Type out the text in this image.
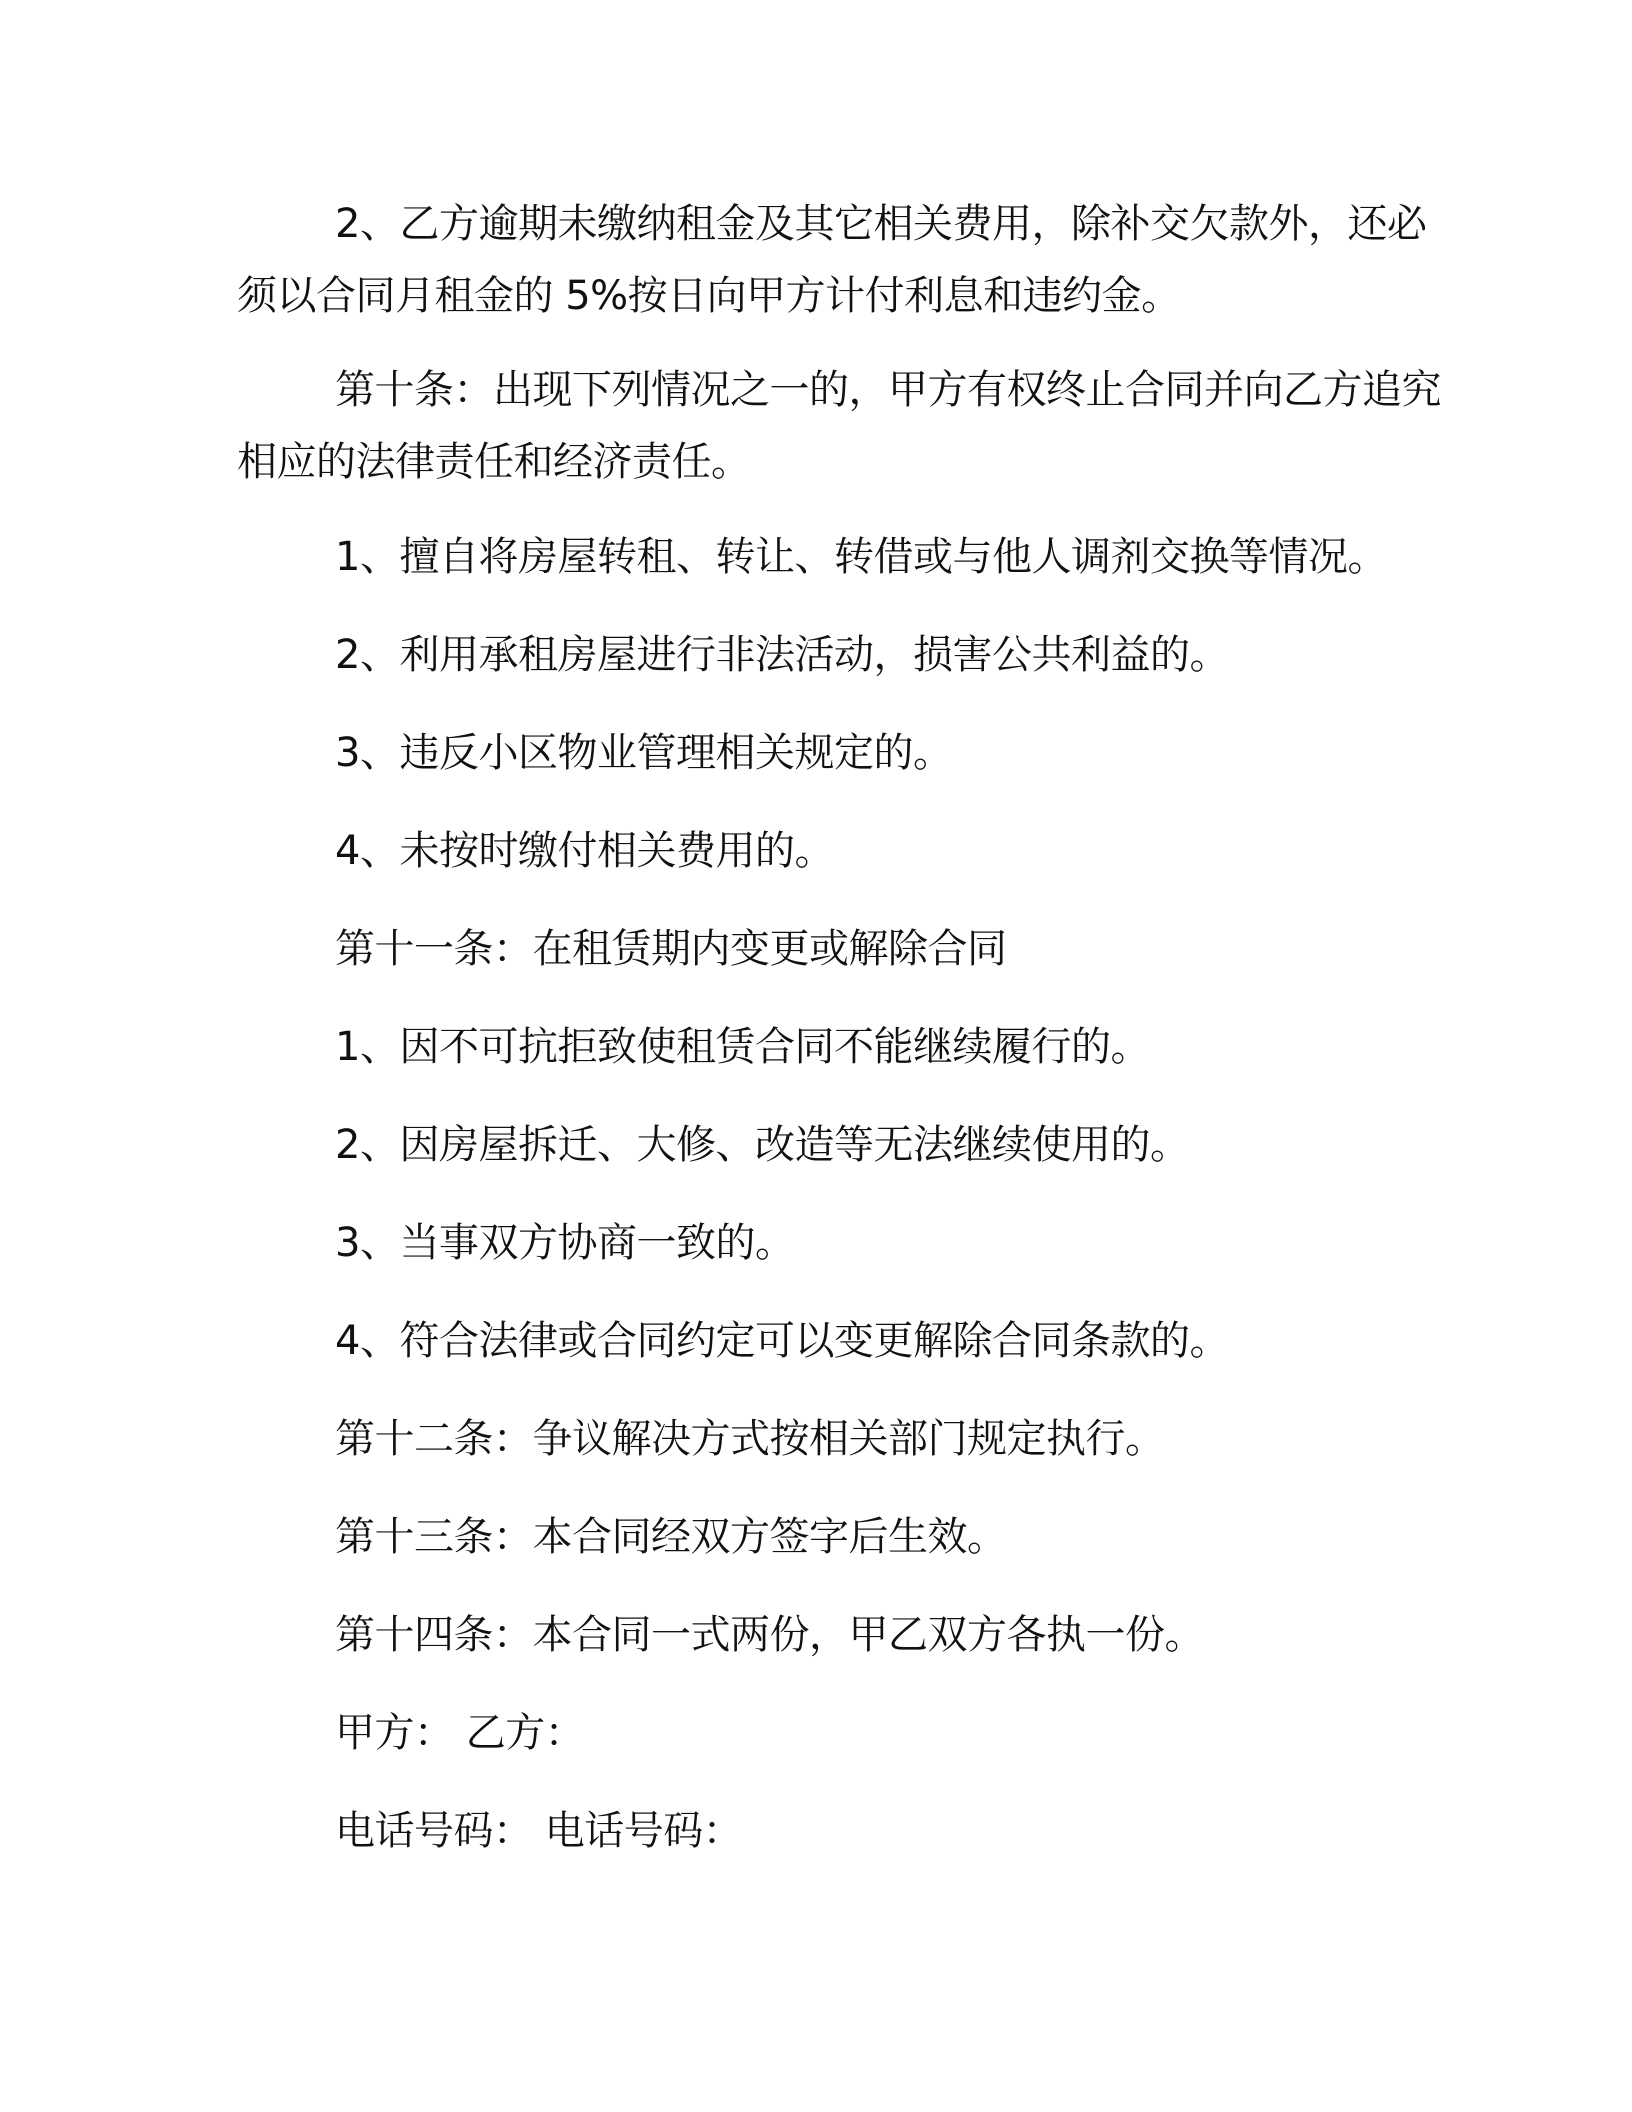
2、乙方逾期未缴纳租金及其它相关费用，除补交欠款外，还必
须以合同月租金的 5%按日向甲方计付利息和违约金。
第十条：出现下列情况之一的，甲方有权终止合同并向乙方追究
相应的法律责任和经济责任。
1、擅自将房屋转租、转让、转借或与他人调剂交换等情况。
2、利用承租房屋进行非法活动，损害公共利益的。
3、违反小区物业管理相关规定的。
4、未按时缴付相关费用的。
第十一条：在租赁期内变更或解除合同
1、因不可抗拒致使租赁合同不能继续履行的。
2、因房屋拆迁、大修、改造等无法继续使用的。
3、当事双方协商一致的。
4、符合法律或合同约定可以变更解除合同条款的。
第十二条：争议解决方式按相关部门规定执行。
第十三条：本合同经双方签字后生效。
第十四条：本合同一式两份，甲乙双方各执一份。
甲方： 乙方：
电话号码： 电话号码：
